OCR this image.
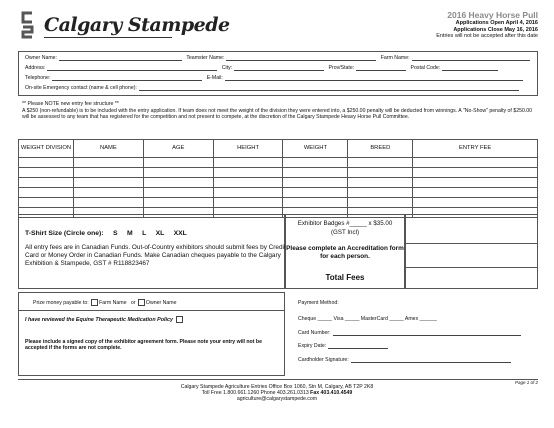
Calgary Stampede	2016 Heavy Horse Pull
Applications Open April 4, 2016
Applications Close May 16, 2016
Entries will not be accepted after this date
Owner Name:	Teamster Name:	Farm Name:
Address:	City:	Prov/State:	Postal Code:
Telephone:	E-Mail:
On-site Emergency contact (name & cell phone):
** Please NOTE new entry fee structure **
A $250 (non-refundable) is to be included with the entry application. If team does not meet the weight of the division they were entered into, a $250.00 penalty will be deducted from winnings. A "No-Show" penalty of $250.00 will be assessed to any team that has registered for the competition and not present to compete, at the discretion of the Calgary Stampede Heavy Horse Pull Committee.
WEIGHT DIVISION	NAME	AGE	HEIGHT	WEIGHT	BREED	ENTRY FEE

T-Shirt Size (Circle one): S     M     L     XL     XXL
All entry fees are in Canadian Funds. Out-of-Country exhibitors should submit fees by Credit Card or Money Order in Canadian Funds. Make Canadian cheques payable to the Calgary Exhibition & Stampede, GST # R118823467
Exhibitor Badges #_____ x $35.00
(GST Incl)
Please complete an Accreditation form for each person.
Total Fees
Prize money payable to: Farm Name or Owner Name
I have reviewed the Equine Therapeutic Medication Policy
Please include a signed copy of the exhibitor agreement form. Please note your entry will not be accepted if the forms are not complete.
Payment Method:
Cheque _____ Visa _____ MasterCard _____ Amex ______
Card Number:
Expiry Date:
Cardholder Signature:
Page 1 of 2
Calgary Stampede Agriculture Entries Office Box 1060, Stn M, Calgary, AB T2P 2K8
Toll Free 1.800.661.1260 Phone 403.261.0313 Fax 403.410.4549
agriculture@calgarystampede.com
